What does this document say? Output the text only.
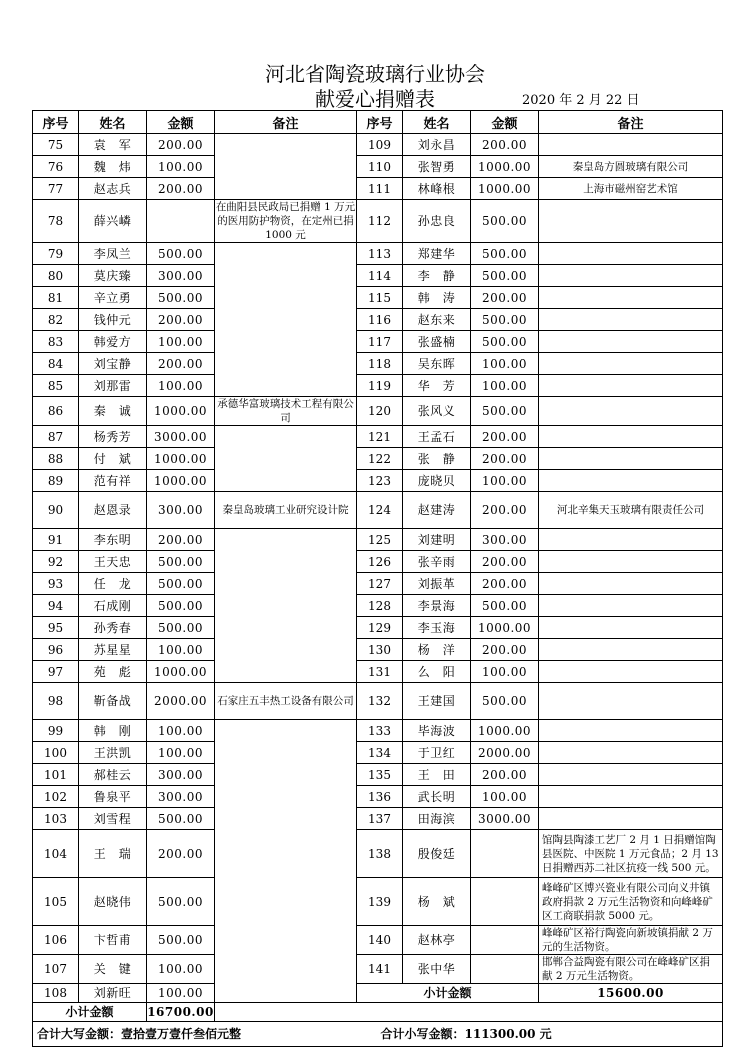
河北省陶瓷玻璃行业协会
献爱心捐赠表	2020 年 2 月 22 日
序号	姓名	金额	备注	序号	姓名	金额	备注	
75	袁　军	200.00		109	刘永昌	200.00		
76	魏　炜	100.00		110	张智勇	1000.00	秦皇岛方圆玻璃有限公司	
77	赵志兵	200.00		111	林峰根	1000.00	上海市磁州窑艺术馆	
78	薛兴嶙		在曲阳县民政局已捐赠 1 万元的医用防护物资，在定州已捐 1000 元	112	孙忠良	500.00		
79	李凤兰	500.00		113	郑建华	500.00		
80	莫庆臻	300.00		114	李　静	500.00		
81	辛立勇	500.00		115	韩　涛	200.00		
82	钱仲元	200.00		116	赵东来	500.00		
83	韩爱方	100.00		117	张盛楠	500.00		
84	刘宝静	200.00		118	吴东晖	100.00		
85	刘那雷	100.00		119	华　芳	100.00		
86	秦　诚	1000.00	承德华富玻璃技术工程有限公司	120	张风义	500.00		
87	杨秀芳	3000.00		121	王孟石	200.00		
88	付　斌	1000.00		122	张　静	200.00		
89	范有祥	1000.00		123	庞晓贝	100.00		
90	赵恩录	300.00	秦皇岛玻璃工业研究设计院	124	赵建涛	200.00	河北辛集天玉玻璃有限责任公司	
91	李东明	200.00		125	刘建明	300.00		
92	王天忠	500.00		126	张辛雨	200.00		
93	任　龙	500.00		127	刘振革	200.00		
94	石成刚	500.00		128	李景海	500.00		
95	孙秀春	500.00		129	李玉海	1000.00		
96	苏星星	100.00		130	杨　洋	200.00		
97	苑　彪	1000.00		131	么　阳	100.00		
98	靳备战	2000.00	石家庄五丰热工设备有限公司	132	王建国	500.00		
99	韩　刚	100.00		133	毕海波	1000.00		
100	王洪凯	100.00		134	于卫红	2000.00		
101	郝桂云	300.00		135	王　田	200.00		
102	鲁泉平	300.00		136	武长明	100.00		
103	刘雪程	500.00		137	田海滨	3000.00		
104	王　瑞	200.00		138	殷俊廷		馆陶县陶漆工艺厂 2 月 1 日捐赠馆陶县医院、中医院 1 万元食品；2 月 13 日捐赠西苏二社区抗疫一线 500 元。	
105	赵晓伟	500.00		139	杨　斌		峰峰矿区博兴瓷业有限公司向义井镇政府捐款 2 万元生活物资和向峰峰矿区工商联捐款 5000 元。	
106	卞哲甫	500.00		140	赵林亭		峰峰矿区裕行陶瓷向新坡镇捐献 2 万元的生活物资。	
107	关　键	100.00		141	张中华		邯郸合益陶瓷有限公司在峰峰矿区捐献 2 万元生活物资。	
108	刘新旺	100.00		小计金额			15600.00	
小计金额		16700.00						
合计大写金额：壹拾壹万壹仟叁佰元整				合计小写金额：111300.00 元				
